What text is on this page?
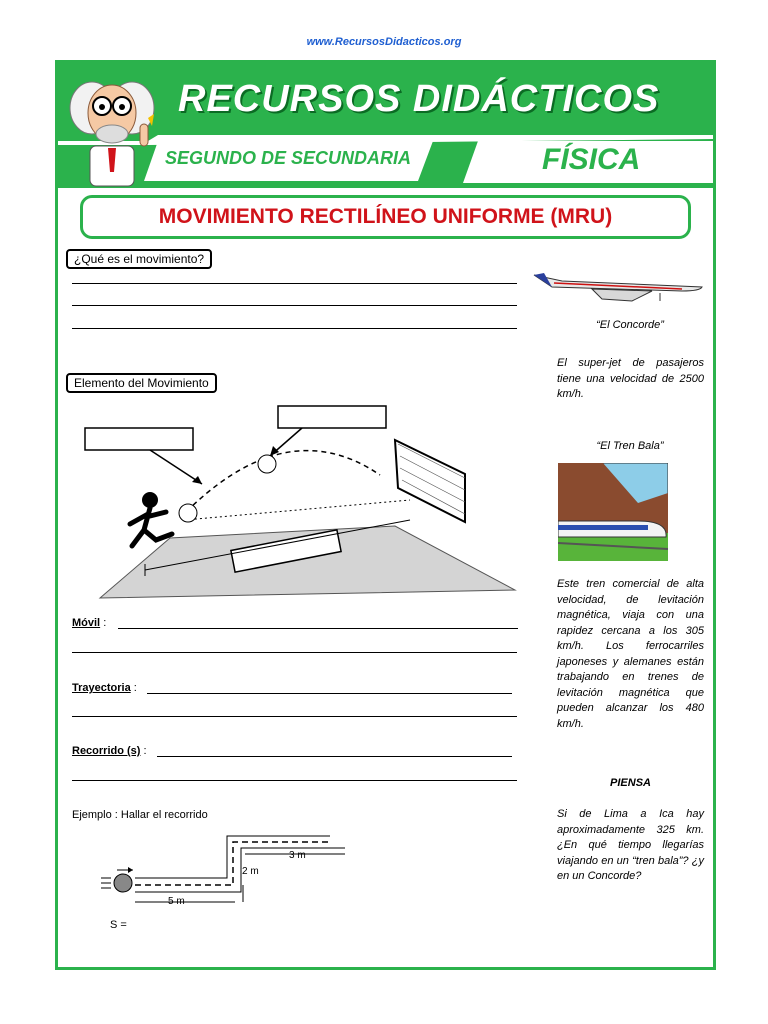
www.RecursosDidacticos.org
RECURSOS DIDÁCTICOS
SEGUNDO DE SECUNDARIA	FÍSICA
MOVIMIENTO RECTILÍNEO UNIFORME (MRU)
¿Qué es el movimiento?
Elemento del Movimiento
Móvil :
Trayectoria :
Recorrido (s) :
Ejemplo : Hallar el recorrido
3 m
2 m
5 m
S =
“El Concorde”
El super-jet de pasajeros tiene una velocidad de 2500 km/h.
“El Tren Bala”
Este tren comercial de alta velocidad, de levitación magnética, viaja con una rapidez cercana a los 305 km/h. Los ferrocarriles japoneses y alemanes están trabajando en trenes de levitación magnética que pueden alcanzar los 480 km/h.
PIENSA
Si de Lima a Ica hay aproximadamente 325 km. ¿En qué tiempo llegarías viajando en un “tren bala”? ¿y en un Concorde?
